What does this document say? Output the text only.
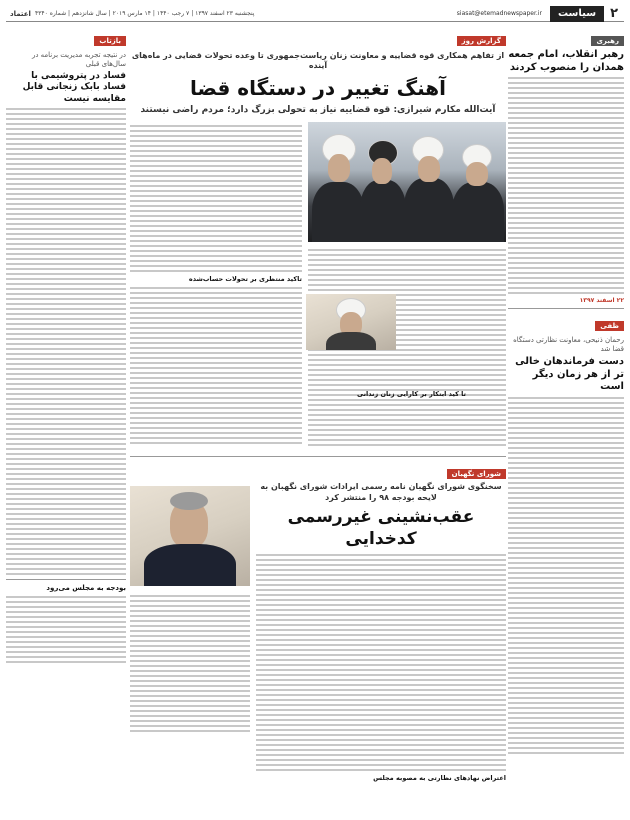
۲
سیاست
siasat@etemadnewspaper.ir
پنجشنبه ۲۳ اسفند ۱۳۹۷ | ۷ رجب ۱۴۴۰ | ۱۴ مارس ۲۰۱۹ | سال شانزدهم | شماره ۴۳۴۰
اعتماد
رهبری
رهبر انقلاب، امام جمعه همدان را منصوب کردند
۲۲ اسفند ۱۳۹۷
ظفی
رحمان ذنیحی، معاونت نظارتی دستگاه قضا شد
دست فرماندهان خالی تر از هر زمان دیگر است
بازتاب
در نتیجه تجربه مدیریت برنامه در سال‌های قبلی
فساد در پتروشیمی با فساد بابک زنجانی قابل مقایسه نیست
بودجه به مجلس می‌رود
گزارش روز
از تفاهم همکاری قوه قضاییه و معاونت زنان ریاست‌جمهوری تا وعده تحولات قضایی در ماه‌های آینده
آهنگ تغییر در دستگاه قضا
آیت‌الله مکارم شیرازی: قوه قضاییه نیاز به تحولی بزرگ دارد؛ مردم راضی نیستند
تاکید منتظری بر تحولات حساب‌شده
تا کید ابتکار بر کارایی زنان زندانی
شورای نگهبان
سخنگوی شورای نگهبان نامه رسمی ایرادات شورای نگهبان به لایحه بودجه ۹۸ را منتشر کرد
عقب‌نشینی غیررسمی کدخدایی
اعتراض نهادهای نظارتی به مصوبه مجلس
